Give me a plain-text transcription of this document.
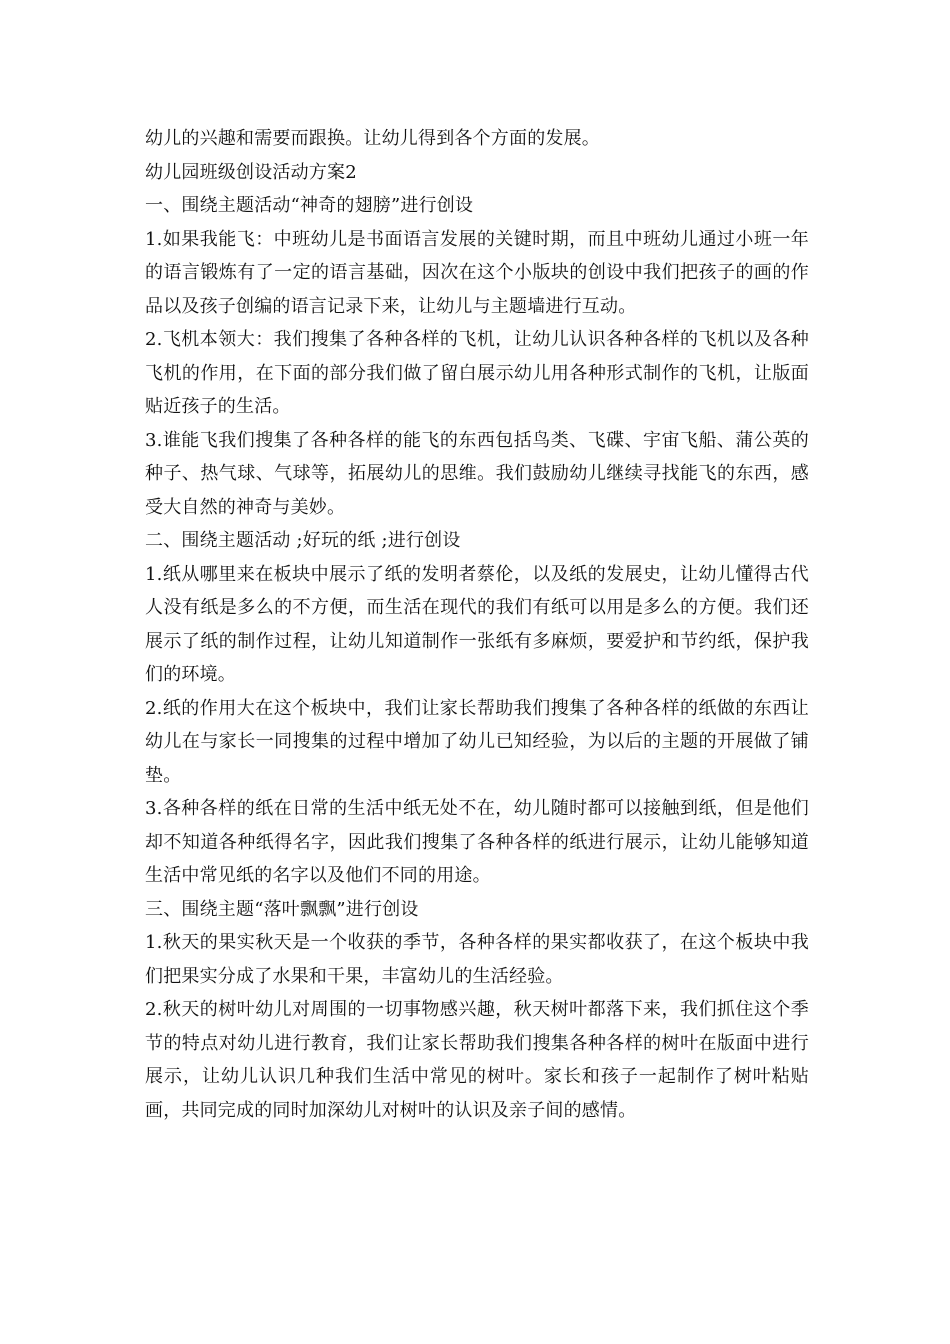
幼儿的兴趣和需要而跟换。让幼儿得到各个方面的发展。

幼儿园班级创设活动方案2

一、围绕主题活动“神奇的翅膀”进行创设

1.如果我能飞：中班幼儿是书面语言发展的关键时期，而且中班幼儿通过小班一年的语言锻炼有了一定的语言基础，因次在这个小版块的创设中我们把孩子的画的作品以及孩子创编的语言记录下来，让幼儿与主题墙进行互动。

2.飞机本领大：我们搜集了各种各样的飞机，让幼儿认识各种各样的飞机以及各种飞机的作用，在下面的部分我们做了留白展示幼儿用各种形式制作的飞机，让版面贴近孩子的生活。

3.谁能飞我们搜集了各种各样的能飞的东西包括鸟类、飞碟、宇宙飞船、蒲公英的种子、热气球、气球等，拓展幼儿的思维。我们鼓励幼儿继续寻找能飞的东西，感受大自然的神奇与美妙。

二、围绕主题活动 ;好玩的纸 ;进行创设

1.纸从哪里来在板块中展示了纸的发明者蔡伦，以及纸的发展史，让幼儿懂得古代人没有纸是多么的不方便，而生活在现代的我们有纸可以用是多么的方便。我们还展示了纸的制作过程，让幼儿知道制作一张纸有多麻烦，要爱护和节约纸，保护我们的环境。

2.纸的作用大在这个板块中，我们让家长帮助我们搜集了各种各样的纸做的东西让幼儿在与家长一同搜集的过程中增加了幼儿已知经验，为以后的主题的开展做了铺垫。

3.各种各样的纸在日常的生活中纸无处不在，幼儿随时都可以接触到纸，但是他们却不知道各种纸得名字，因此我们搜集了各种各样的纸进行展示，让幼儿能够知道生活中常见纸的名字以及他们不同的用途。

三、围绕主题“落叶飘飘”进行创设

1.秋天的果实秋天是一个收获的季节，各种各样的果实都收获了，在这个板块中我们把果实分成了水果和干果，丰富幼儿的生活经验。

2.秋天的树叶幼儿对周围的一切事物感兴趣，秋天树叶都落下来，我们抓住这个季节的特点对幼儿进行教育，我们让家长帮助我们搜集各种各样的树叶在版面中进行展示，让幼儿认识几种我们生活中常见的树叶。家长和孩子一起制作了树叶粘贴画，共同完成的同时加深幼儿对树叶的认识及亲子间的感情。
